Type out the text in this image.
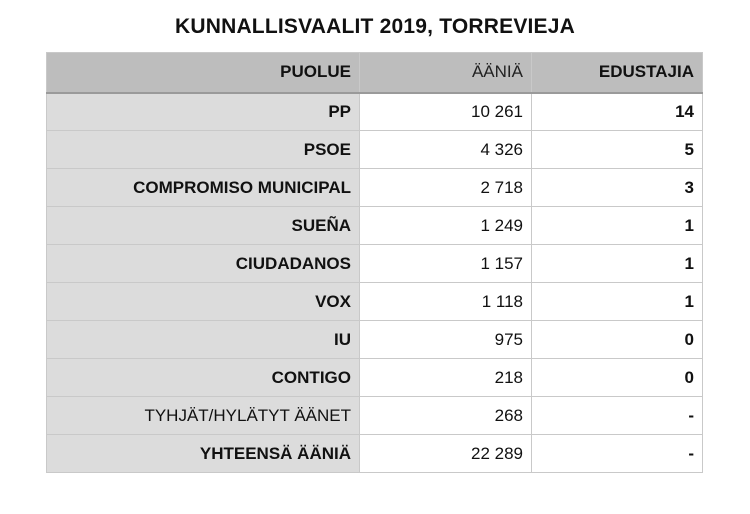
KUNNALLISVAALIT 2019, TORREVIEJA
PUOLUE	ÄÄNIÄ	EDUSTAJIA
PP	10 261	14
PSOE	4 326	5
COMPROMISO MUNICIPAL	2 718	3
SUEÑA	1 249	1
CIUDADANOS	1 157	1
VOX	1 118	1
IU	975	0
CONTIGO	218	0
TYHJÄT/HYLÄTYT ÄÄNET	268	-
YHTEENSÄ ÄÄNIÄ	22 289	-
